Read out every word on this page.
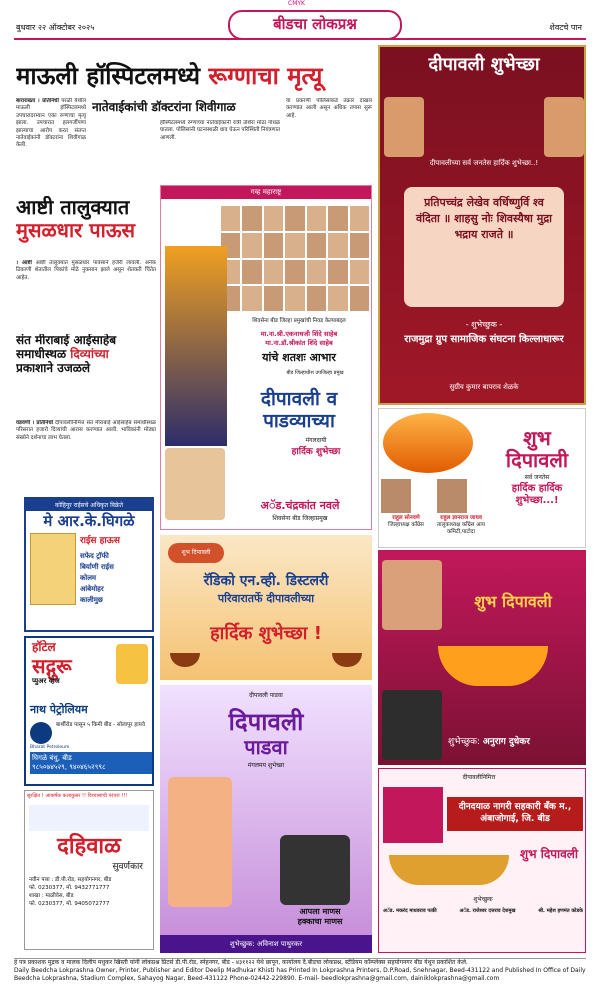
CMYK
बुधवार २२ ऑक्टोबर २०२५	बीडचा लोकप्रश्न	शेवटचे पान
माऊली हॉस्पिटलमध्ये रूग्णाचा मृत्यू
नातेवाईकांची डॉक्टरांना शिवीगाळ
बाराराख्ता । प्रतिनिधी परळी येथील माऊली हॉस्पिटलमध्ये उपचारादरम्यान एका रुग्णाचा मृत्यू झाला. उपचारात हलगर्जीपणा झाल्याचा आरोप करत संतप्त नातेवाईकांनी डॉक्टरांना शिवीगाळ केली.
हॉस्पिटलमध्ये रुग्णाच्या नातेवाईकांनी रात्री उशिरा मोठा गोंधळ घातला. पोलिसांनी घटनास्थळी धाव घेऊन परिस्थिती नियंत्रणात आणली.
या प्रकरणी पोलिसांकडे तक्रार दाखल करण्यात आली असून अधिक तपास सुरू आहे.
आष्टी तालुक्यात
मुसळधार पाऊस
। आष्टी आष्टी तालुक्यात मुसळधार पावसाने हजेरी लावली. अनेक ठिकाणी शेतातील पिकांचे मोठे नुकसान झाले असून शेतकरी चिंतेत आहेत.
संत मीराबाई आईसाहेब
समाधीस्थळ दिव्यांच्या
प्रकाशाने उजळले
वडवणी । प्रतिनिधी दीपावलीनिमित्त संत मीराबाई आईसाहेब समाधीस्थळ परिसरात हजारो दिव्यांची आरास करण्यात आली. भाविकांनी मोठ्या संख्येने दर्शनाचा लाभ घेतला.
कोहिनूर राईसचे अधिकृत विक्रेते
मे आर.के.घिगळे
राईस हाऊस
सफेद ट्रॉफी
बिर्याणी राईस
कोलम
आंबेमोहर
कालीमुछ
हॉटेल
सद्गुरू
प्युअर व्हेज
नाथ पेट्रोलियम
Bharat Petroleum
बार्शीरोड पासून ५ किमी बीड - सोलापूर हायवे
घिगळे बंधु, बीड
९८५०७४५२९, ९४०४६५२९९८
सुरक्षित ! आकर्षक कलाकुसर !! विश्वासाची परंपरा !!!
दहिवाळ
सुवर्णकार
नवीन पत्ता : डी.पी.रोड, सहयोगनगर, बीड
फो. 0230377, मो. 9432771777
शाखा : माळीवेस, बीड
फो. 0230377, मो. 9405072777
गव्ह महाराष्ट्र
शिवसेना बीड जिल्हा प्रमुखांची निवड केल्याबद्दल
मा.ना.श्री.एकनाथजी शिंदे साहेब
मा.ना.डॉ.श्रीकांत शिंदे साहेब
यांचे शतशः आभार
बीड जिल्हाधीश उपजिल्हा प्रमुख
दीपावली व पाडव्याच्या
मंगलदायी
हार्दिक शुभेच्छा
अॅड.चंद्रकांत नवले
शिवसेना बीड जिल्हाप्रमुख
शुभ दिपावली
रॅडिको एन.व्ही. डिस्टलरी
परिवारातर्फे दीपावलीच्या
हार्दिक शुभेच्छा !
दीपावली पाडवा
दिपावली
पाडवा
मंगलमय शुभेच्छा
आपला माणस
हक्काचा माणस
शुभेच्छुक: अविनाश पाथुरकर
दीपावली शुभेच्छा
दीपावलीच्या सर्व जनतेस हार्दिक शुभेच्छा..!
प्रतिपच्चंद्र लेखेव वर्धिष्णुर्वि श्व वंदिता ॥ शाहसु नोः शिवस्यैषा मुद्रा भद्राय राजते ॥
- शुभेच्छुक -
राजमुद्रा ग्रुप सामाजिक संघटना किल्लाधारूर
सुग्रीव कुमार बापराव शेळके
शुभ दिपावली
सर्व जनतेस
हार्दिक हार्दिक शुभेच्छा...!
राहुल सोनवणे
जिल्हाध्यक्ष काँग्रेस
राहुल ज्ञानराज जाधव
तालुकाध्यक्ष काँग्रेस आय कमिटी,पाटोदा
शुभ दिपावली
शुभेच्छुक: अनुराग दुधेकर
दीपावलीनिमित्त
दीनदयाळ नागरी सहकारी बँक म., अंबाजोगाई, जि. बीड
शुभ दिपावली
शुभेच्छुक
अॅड. मकरंद माधवराव पत्की	अॅड. राजेश्वर दत्तराव देशमुख	श्री. महेश हणमंत कोडके
हे पत्र प्रकाशक मुद्रक व मालक दिलीप मधुकर खिस्ती यांनी लोकप्रश्न प्रिंटर्स डी.पी.रोड, स्नेहनगर, बीड - ४३११२२ येथे छापून, कार्यालय दै.बीडचा लोकप्रश्न, स्टेडियम कॉम्प्लेक्स सहयोगनगर बीड येथून प्रकाशित केले.
Daily Beedcha Lokprashna Owner, Printer, Publisher and Editor Deelip Madhukar Khisti has Printed In Lokprashna Printers, D.P.Road, Snehnagar, Beed-431122 and Published In Office of Daily Beedcha Lokprashna, Stadium Complex, Sahayog Nagar, Beed-431122 Phone-02442-229890. E-mail- beedlokprashna@gmail.com, dainiklokprashna@gmail.com
